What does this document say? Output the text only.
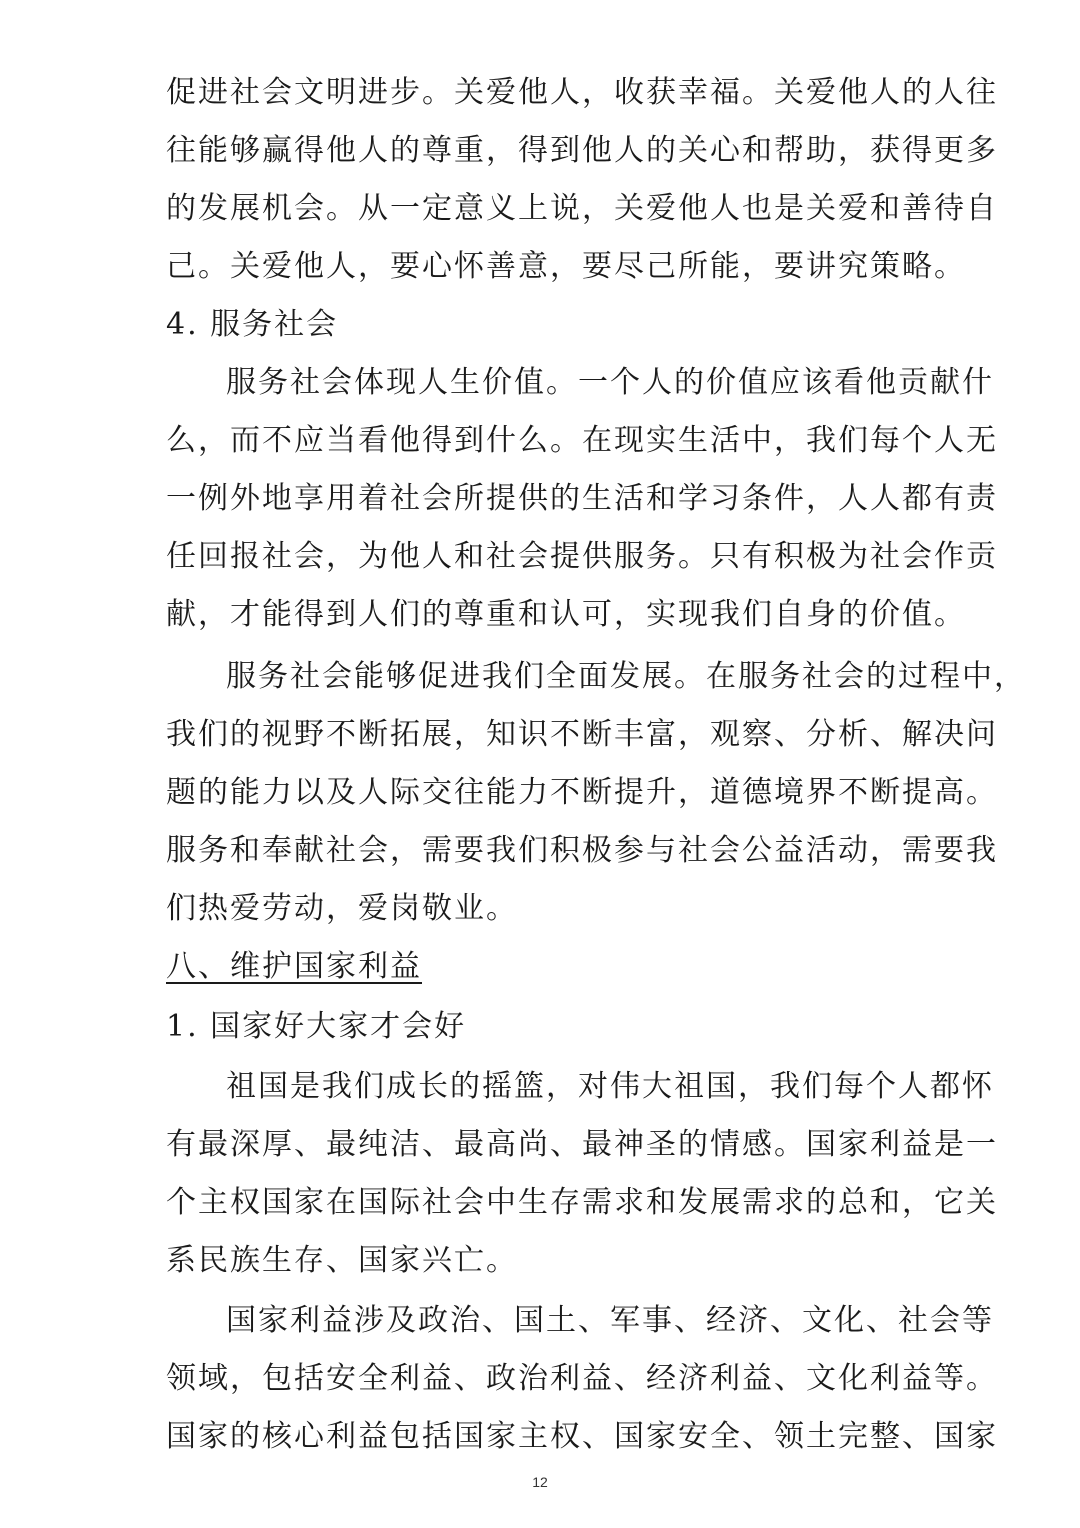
促进社会文明进步。关爱他人，收获幸福。关爱他人的人往
往能够赢得他人的尊重，得到他人的关心和帮助，获得更多
的发展机会。从一定意义上说，关爱他人也是关爱和善待自
己。关爱他人，要心怀善意，要尽己所能，要讲究策略。
4. 服务社会
服务社会体现人生价值。一个人的价值应该看他贡献什
么，而不应当看他得到什么。在现实生活中，我们每个人无
一例外地享用着社会所提供的生活和学习条件，人人都有责
任回报社会，为他人和社会提供服务。只有积极为社会作贡
献，才能得到人们的尊重和认可，实现我们自身的价值。
服务社会能够促进我们全面发展。在服务社会的过程中，
我们的视野不断拓展，知识不断丰富，观察、分析、解决问
题的能力以及人际交往能力不断提升，道德境界不断提高。
服务和奉献社会，需要我们积极参与社会公益活动，需要我
们热爱劳动，爱岗敬业。
八、维护国家利益
1. 国家好大家才会好
祖国是我们成长的摇篮，对伟大祖国，我们每个人都怀
有最深厚、最纯洁、最高尚、最神圣的情感。国家利益是一
个主权国家在国际社会中生存需求和发展需求的总和，它关
系民族生存、国家兴亡。
国家利益涉及政治、国土、军事、经济、文化、社会等
领域，包括安全利益、政治利益、经济利益、文化利益等。
国家的核心利益包括国家主权、国家安全、领土完整、国家
12
